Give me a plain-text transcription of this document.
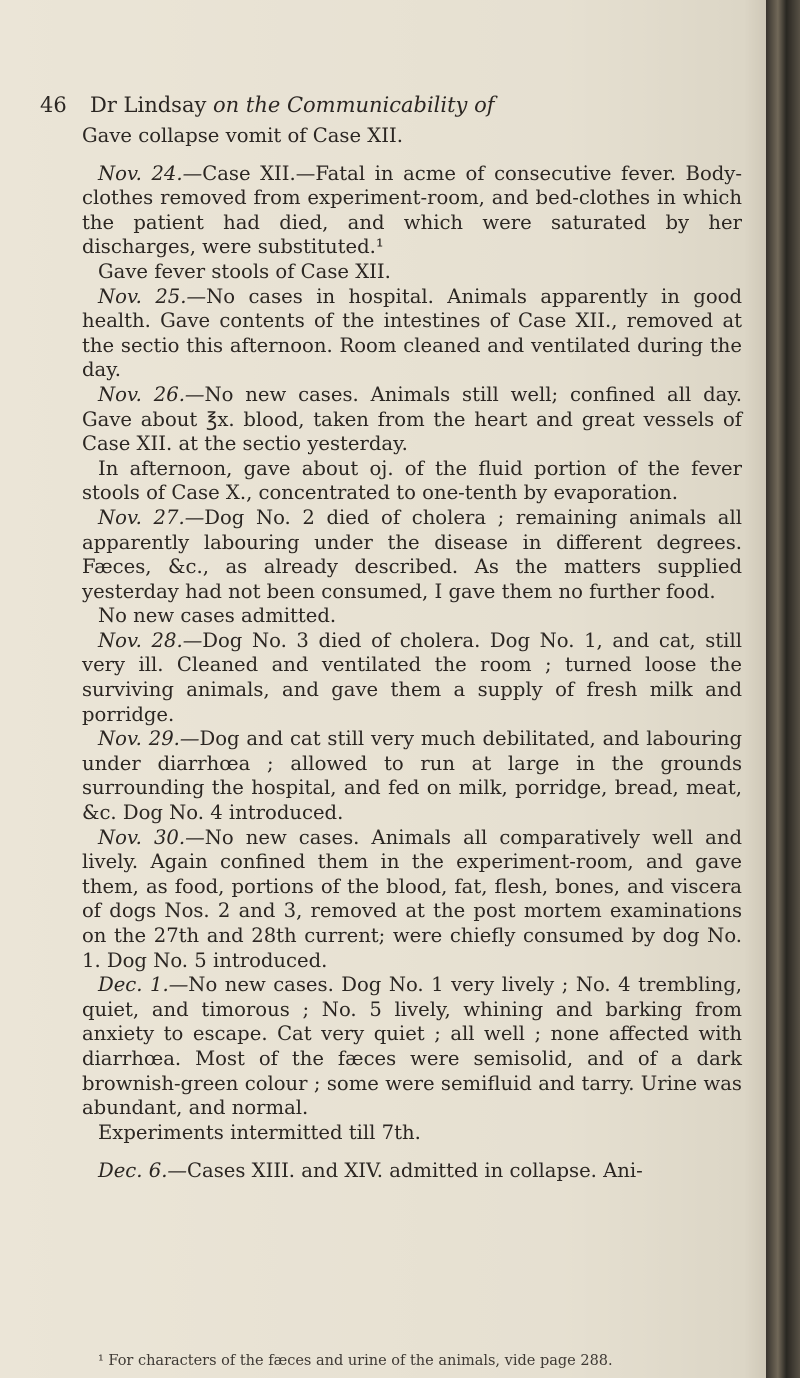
46 Dr Lindsay on the Communicability of

Gave collapse vomit of Case XII.

Nov. 24.—Case XII.—Fatal in acme of consecutive fever. Body-clothes removed from experiment-room, and bed-clothes in which the patient had died, and which were saturated by her discharges, were substituted.¹

Gave fever stools of Case XII.

Nov. 25.—No cases in hospital. Animals apparently in good health. Gave contents of the intestines of Case XII., removed at the sectio this afternoon. Room cleaned and ventilated during the day.

Nov. 26.—No new cases. Animals still well; confined all day. Gave about ℥x. blood, taken from the heart and great vessels of Case XII. at the sectio yesterday.

In afternoon, gave about oj. of the fluid portion of the fever stools of Case X., concentrated to one-tenth by evaporation.

Nov. 27.—Dog No. 2 died of cholera ; remaining animals all apparently labouring under the disease in different degrees. Fæces, &c., as already described. As the matters supplied yesterday had not been consumed, I gave them no further food.

No new cases admitted.

Nov. 28.—Dog No. 3 died of cholera. Dog No. 1, and cat, still very ill. Cleaned and ventilated the room ; turned loose the surviving animals, and gave them a supply of fresh milk and porridge.

Nov. 29.—Dog and cat still very much debilitated, and labouring under diarrhœa ; allowed to run at large in the grounds surrounding the hospital, and fed on milk, porridge, bread, meat, &c. Dog No. 4 introduced.

Nov. 30.—No new cases. Animals all comparatively well and lively. Again confined them in the experiment-room, and gave them, as food, portions of the blood, fat, flesh, bones, and viscera of dogs Nos. 2 and 3, removed at the post mortem examinations on the 27th and 28th current; were chiefly consumed by dog No. 1. Dog No. 5 introduced.

Dec. 1.—No new cases. Dog No. 1 very lively ; No. 4 trembling, quiet, and timorous ; No. 5 lively, whining and barking from anxiety to escape. Cat very quiet ; all well ; none affected with diarrhœa. Most of the fæces were semisolid, and of a dark brownish-green colour ; some were semifluid and tarry. Urine was abundant, and normal.

Experiments intermitted till 7th.

Dec. 6.—Cases XIII. and XIV. admitted in collapse. Ani-

¹ For characters of the fæces and urine of the animals, vide page 288.
